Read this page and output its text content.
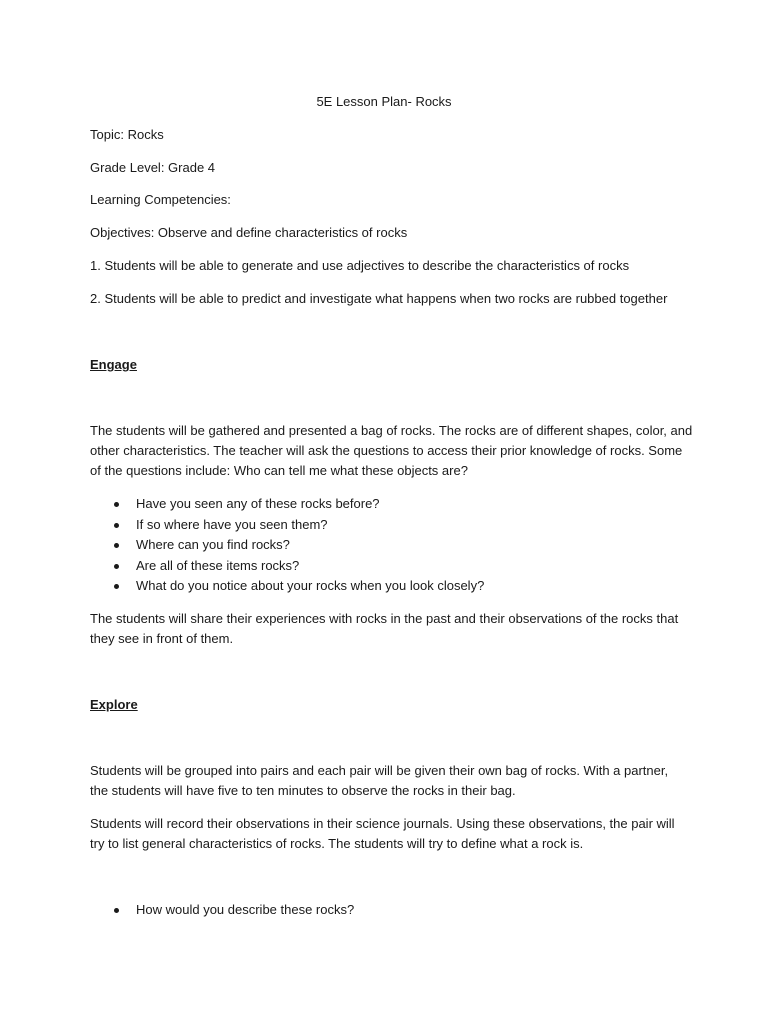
5E Lesson Plan- Rocks
Topic: Rocks
Grade Level: Grade 4
Learning Competencies:
Objectives: Observe and define characteristics of rocks
1. Students will be able to generate and use adjectives to describe the characteristics of rocks
2. Students will be able to predict and investigate what happens when two rocks are rubbed together
Engage
The students will be gathered and presented a bag of rocks. The rocks are of different shapes, color, and
other characteristics. The teacher will ask the questions to access their prior knowledge of rocks. Some
of the questions include: Who can tell me what these objects are?
Have you seen any of these rocks before?
If so where have you seen them?
Where can you find rocks?
Are all of these items rocks?
What do you notice about your rocks when you look closely?
The students will share their experiences with rocks in the past and their observations of the rocks that
they see in front of them.
Explore
Students will be grouped into pairs and each pair will be given their own bag of rocks. With a partner,
the students will have five to ten minutes to observe the rocks in their bag.
Students will record their observations in their science journals. Using these observations, the pair will
try to list general characteristics of rocks. The students will try to define what a rock is.
How would you describe these rocks?
